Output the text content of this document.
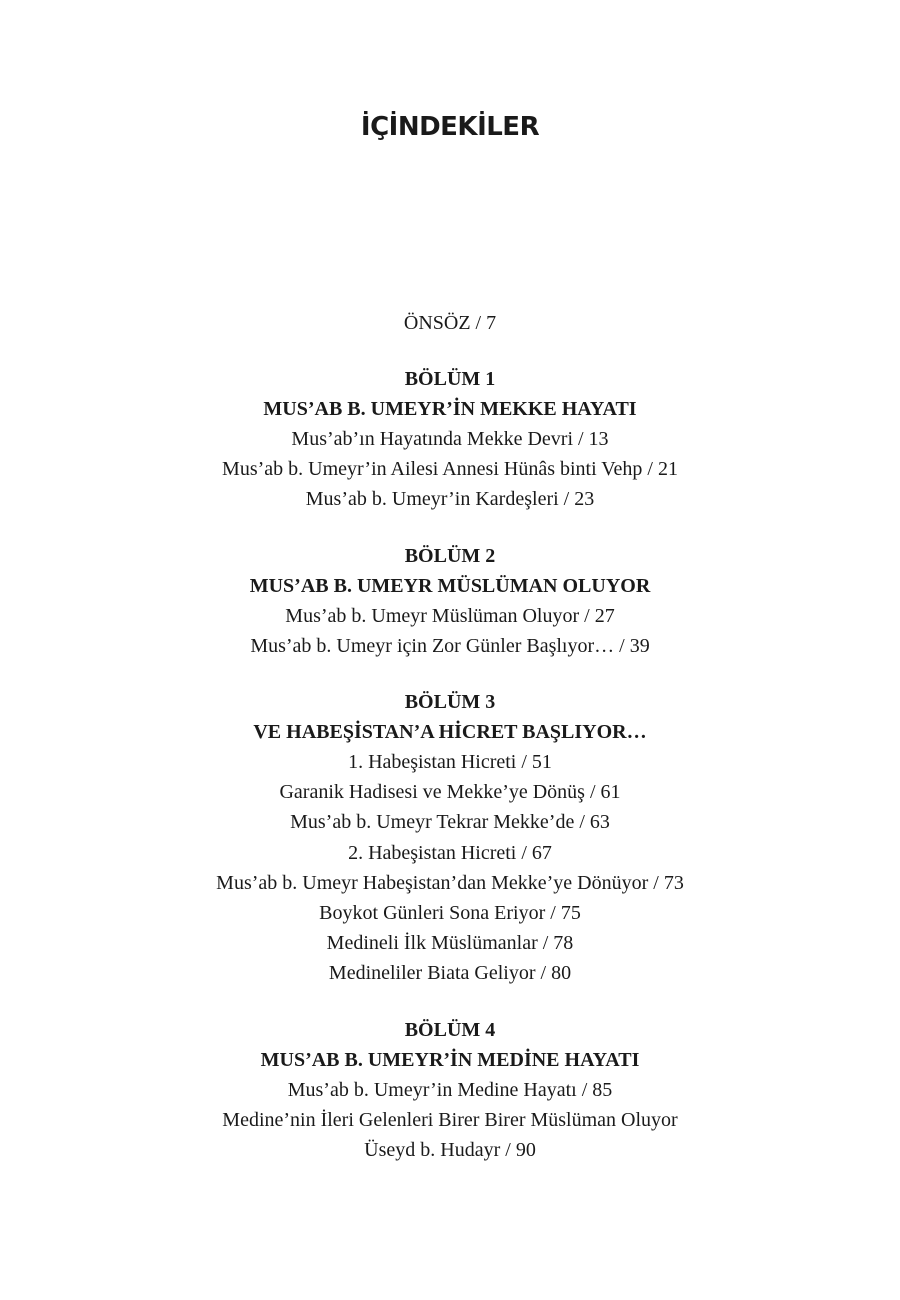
İÇİNDEKİLER
ÖNSÖZ / 7
BÖLÜM 1
MUS’AB B. UMEYR’İN MEKKE HAYATI
Mus’ab’ın Hayatında Mekke Devri / 13
Mus’ab b. Umeyr’in Ailesi Annesi Hünâs binti Vehp / 21
Mus’ab b. Umeyr’in Kardeşleri / 23
BÖLÜM 2
MUS’AB B. UMEYR MÜSLÜMAN OLUYOR
Mus’ab b. Umeyr Müslüman Oluyor / 27
Mus’ab b. Umeyr için Zor Günler Başlıyor… / 39
BÖLÜM 3
VE HABEŞİSTAN’A HİCRET BAŞLIYOR…
1. Habeşistan Hicreti / 51
Garanik Hadisesi ve Mekke’ye Dönüş / 61
Mus’ab b. Umeyr Tekrar Mekke’de / 63
2. Habeşistan Hicreti / 67
Mus’ab b. Umeyr Habeşistan’dan Mekke’ye Dönüyor / 73
Boykot Günleri Sona Eriyor / 75
Medineli İlk Müslümanlar / 78
Medineliler Biata Geliyor / 80
BÖLÜM 4
MUS’AB B. UMEYR’İN MEDİNE HAYATI
Mus’ab b. Umeyr’in Medine Hayatı / 85
Medine’nin İleri Gelenleri Birer Birer Müslüman Oluyor
Üseyd b. Hudayr / 90
